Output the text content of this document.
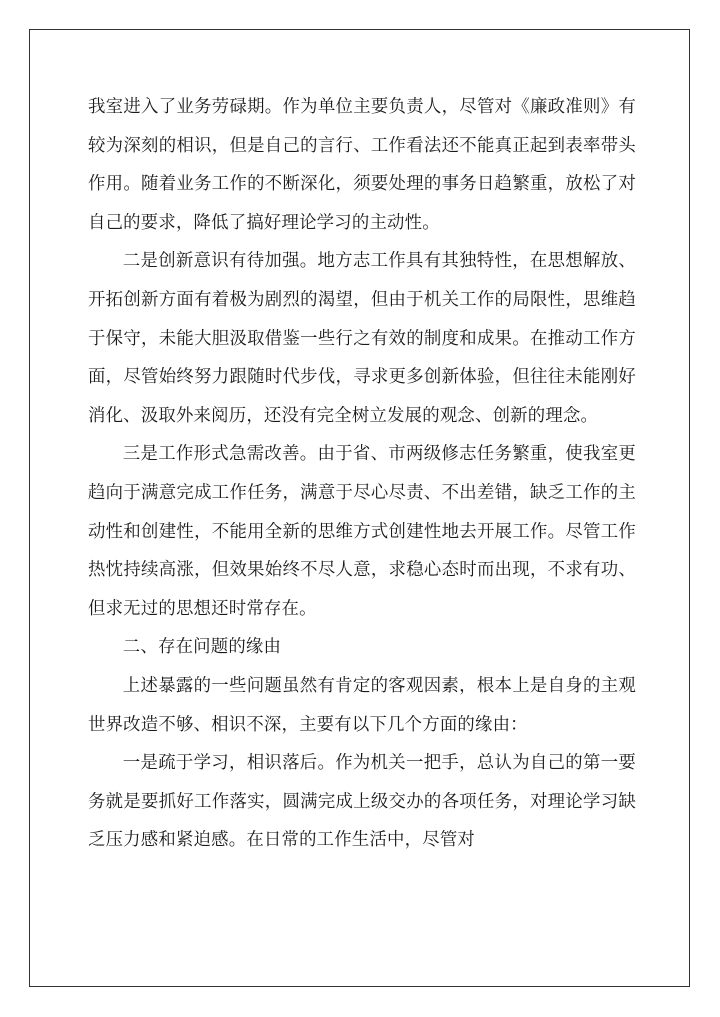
我室进入了业务劳碌期。作为单位主要负责人，尽管对《廉政准则》有较为深刻的相识，但是自己的言行、工作看法还不能真正起到表率带头作用。随着业务工作的不断深化，须要处理的事务日趋繁重，放松了对自己的要求，降低了搞好理论学习的主动性。

二是创新意识有待加强。地方志工作具有其独特性，在思想解放、开拓创新方面有着极为剧烈的渴望，但由于机关工作的局限性，思维趋于保守，未能大胆汲取借鉴一些行之有效的制度和成果。在推动工作方面，尽管始终努力跟随时代步伐，寻求更多创新体验，但往往未能刚好消化、汲取外来阅历，还没有完全树立发展的观念、创新的理念。

三是工作形式急需改善。由于省、市两级修志任务繁重，使我室更趋向于满意完成工作任务，满意于尽心尽责、不出差错，缺乏工作的主动性和创建性，不能用全新的思维方式创建性地去开展工作。尽管工作热忱持续高涨，但效果始终不尽人意，求稳心态时而出现，不求有功、但求无过的思想还时常存在。

二、存在问题的缘由

上述暴露的一些问题虽然有肯定的客观因素，根本上是自身的主观世界改造不够、相识不深，主要有以下几个方面的缘由：

一是疏于学习，相识落后。作为机关一把手，总认为自己的第一要务就是要抓好工作落实，圆满完成上级交办的各项任务，对理论学习缺乏压力感和紧迫感。在日常的工作生活中，尽管对
